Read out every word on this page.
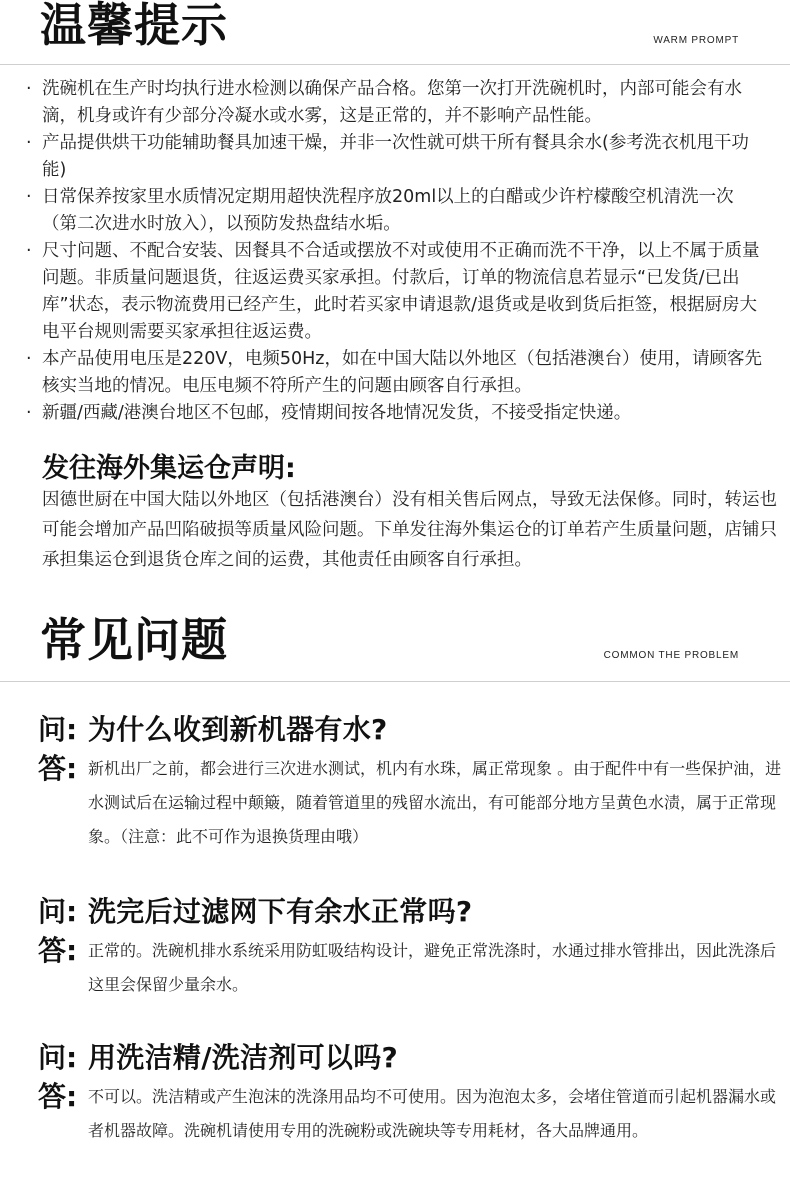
温馨提示	WARM PROMPT
· 洗碗机在生产时均执行进水检测以确保产品合格。您第一次打开洗碗机时，内部可能会有水滴，机身或许有少部分冷凝水或水雾，这是正常的，并不影响产品性能。
· 产品提供烘干功能辅助餐具加速干燥，并非一次性就可烘干所有餐具余水(参考洗衣机甩干功能)
· 日常保养按家里水质情况定期用超快洗程序放20ml以上的白醋或少许柠檬酸空机清洗一次（第二次进水时放入），以预防发热盘结水垢。
· 尺寸问题、不配合安装、因餐具不合适或摆放不对或使用不正确而洗不干净，以上不属于质量问题。非质量问题退货，往返运费买家承担。付款后，订单的物流信息若显示“已发货/已出库”状态，表示物流费用已经产生，此时若买家申请退款/退货或是收到货后拒签，根据厨房大电平台规则需要买家承担往返运费。
· 本产品使用电压是220V，电频50Hz，如在中国大陆以外地区（包括港澳台）使用，请顾客先核实当地的情况。电压电频不符所产生的问题由顾客自行承担。
· 新疆/西藏/港澳台地区不包邮，疫情期间按各地情况发货，不接受指定快递。
发往海外集运仓声明:

因德世厨在中国大陆以外地区（包括港澳台）没有相关售后网点，导致无法保修。同时，转运也可能会增加产品凹陷破损等质量风险问题。下单发往海外集运仓的订单若产生质量问题，店铺只承担集运仓到退货仓库之间的运费，其他责任由顾客自行承担。

常见问题	COMMON THE PROBLEM
问: 为什么收到新机器有水?
答: 新机出厂之前，都会进行三次进水测试，机内有水珠，属正常现象 。由于配件中有一些保护油，进水测试后在运输过程中颠簸，随着管道里的残留水流出，有可能部分地方呈黄色水渍，属于正常现象。（注意：此不可作为退换货理由哦）
问: 洗完后过滤网下有余水正常吗?
答: 正常的。洗碗机排水系统采用防虹吸结构设计，避免正常洗涤时，水通过排水管排出，因此洗涤后这里会保留少量余水。
问: 用洗洁精/洗洁剂可以吗?
答: 不可以。洗洁精或产生泡沫的洗涤用品均不可使用。因为泡泡太多，会堵住管道而引起机器漏水或者机器故障。洗碗机请使用专用的洗碗粉或洗碗块等专用耗材，各大品牌通用。
